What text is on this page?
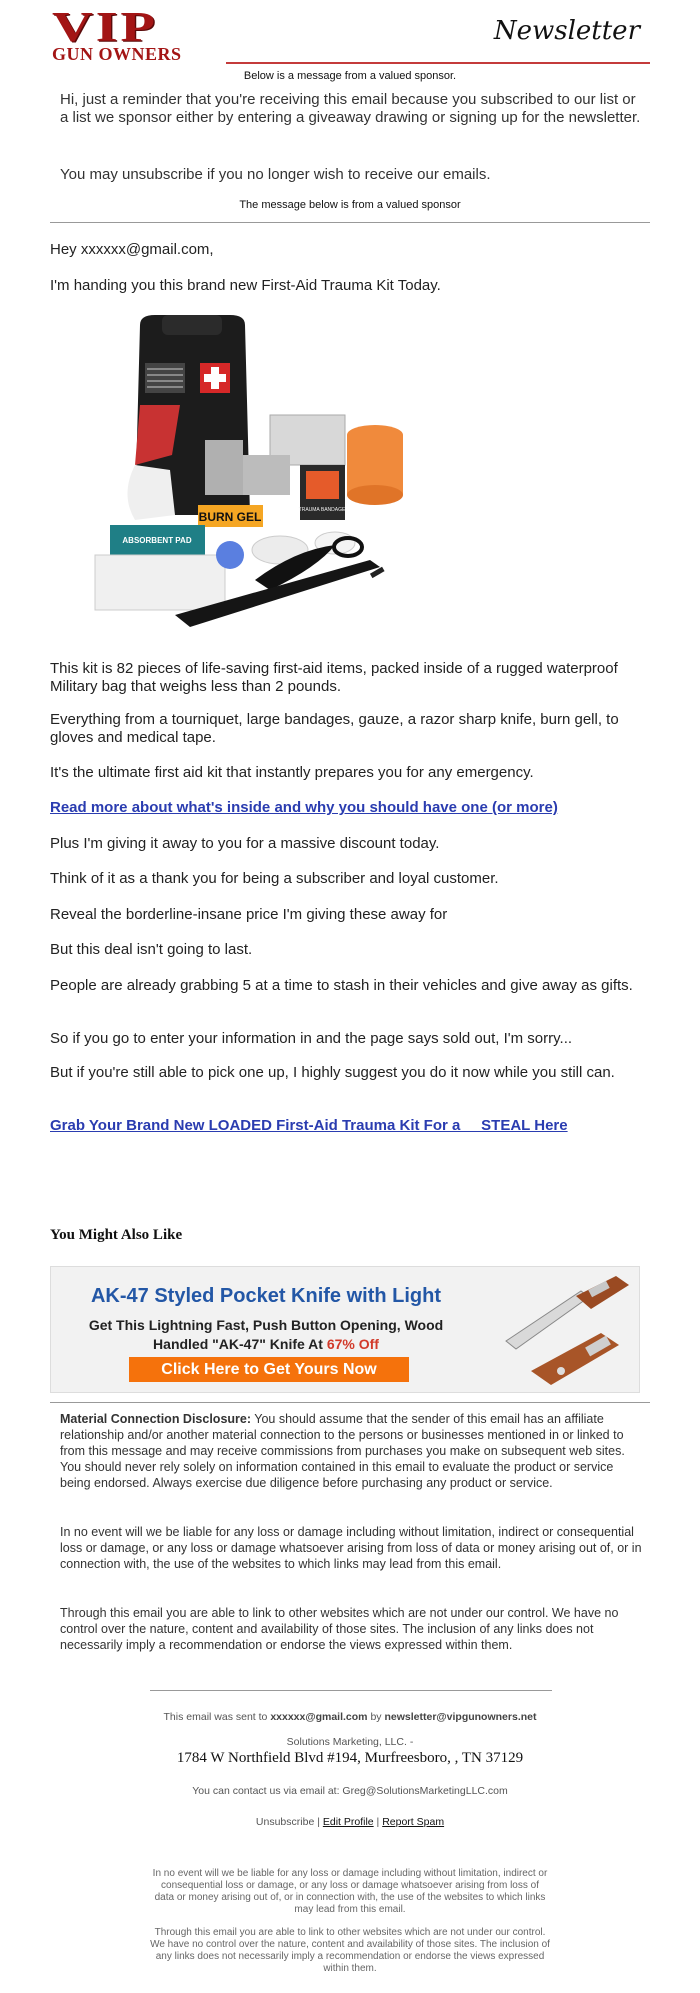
VIP
GUN OWNERS
Newsletter
Below is a message from a valued sponsor.
Hi, just a reminder that you're receiving this email because you subscribed to our list or a list we sponsor either by entering a giveaway drawing or signing up for the newsletter.
You may unsubscribe if you no longer wish to receive our emails.
The message below is from a valued sponsor
Hey xxxxxx@gmail.com,
I'm handing you this brand new First-Aid Trauma Kit Today.
BURN GEL	TRAUMA BANDAGE
ABSORBENT PAD
This kit is 82 pieces of life-saving first-aid items, packed inside of a rugged waterproof Military bag that weighs less than 2 pounds.
Everything from a tourniquet, large bandages, gauze, a razor sharp knife, burn gell, to gloves and medical tape.
It's the ultimate first aid kit that instantly prepares you for any emergency.
Read more about what's inside and why you should have one (or more)
Plus I'm giving it away to you for a massive discount today.
Think of it as a thank you for being a subscriber and loyal customer.
Reveal the borderline-insane price I'm giving these away for
But this deal isn't going to last.
People are already grabbing 5 at a time to stash in their vehicles and give away as gifts.
So if you go to enter your information in and the page says sold out, I'm sorry...
But if you're still able to pick one up, I highly suggest you do it now while you still can.
Grab Your Brand New LOADED First-Aid Trauma Kit For a     STEAL Here
You Might Also Like
AK-47 Styled Pocket Knife with Light
Get This Lightning Fast, Push Button Opening, Wood
Handled "AK-47" Knife At 67% Off
Click Here to Get Yours Now
Material Connection Disclosure: You should assume that the sender of this email has an affiliate relationship and/or another material connection to the persons or businesses mentioned in or linked to from this message and may receive commissions from purchases you make on subsequent web sites. You should never rely solely on information contained in this email to evaluate the product or service being endorsed. Always exercise due diligence before purchasing any product or service.
In no event will we be liable for any loss or damage including without limitation, indirect or consequential loss or damage, or any loss or damage whatsoever arising from loss of data or money arising out of, or in connection with, the use of the websites to which links may lead from this email.
Through this email you are able to link to other websites which are not under our control. We have no control over the nature, content and availability of those sites. The inclusion of any links does not necessarily imply a recommendation or endorse the views expressed within them.
This email was sent to xxxxxx@gmail.com by newsletter@vipgunowners.net
Solutions Marketing, LLC. -
1784 W Northfield Blvd #194, Murfreesboro, , TN 37129
You can contact us via email at: Greg@SolutionsMarketingLLC.com
Unsubscribe | Edit Profile | Report Spam
In no event will we be liable for any loss or damage including without limitation, indirect or consequential loss or damage, or any loss or damage whatsoever arising from loss of data or money arising out of, or in connection with, the use of the websites to which links may lead from this email.
Through this email you are able to link to other websites which are not under our control. We have no control over the nature, content and availability of those sites. The inclusion of any links does not necessarily imply a recommendation or endorse the views expressed within them.
